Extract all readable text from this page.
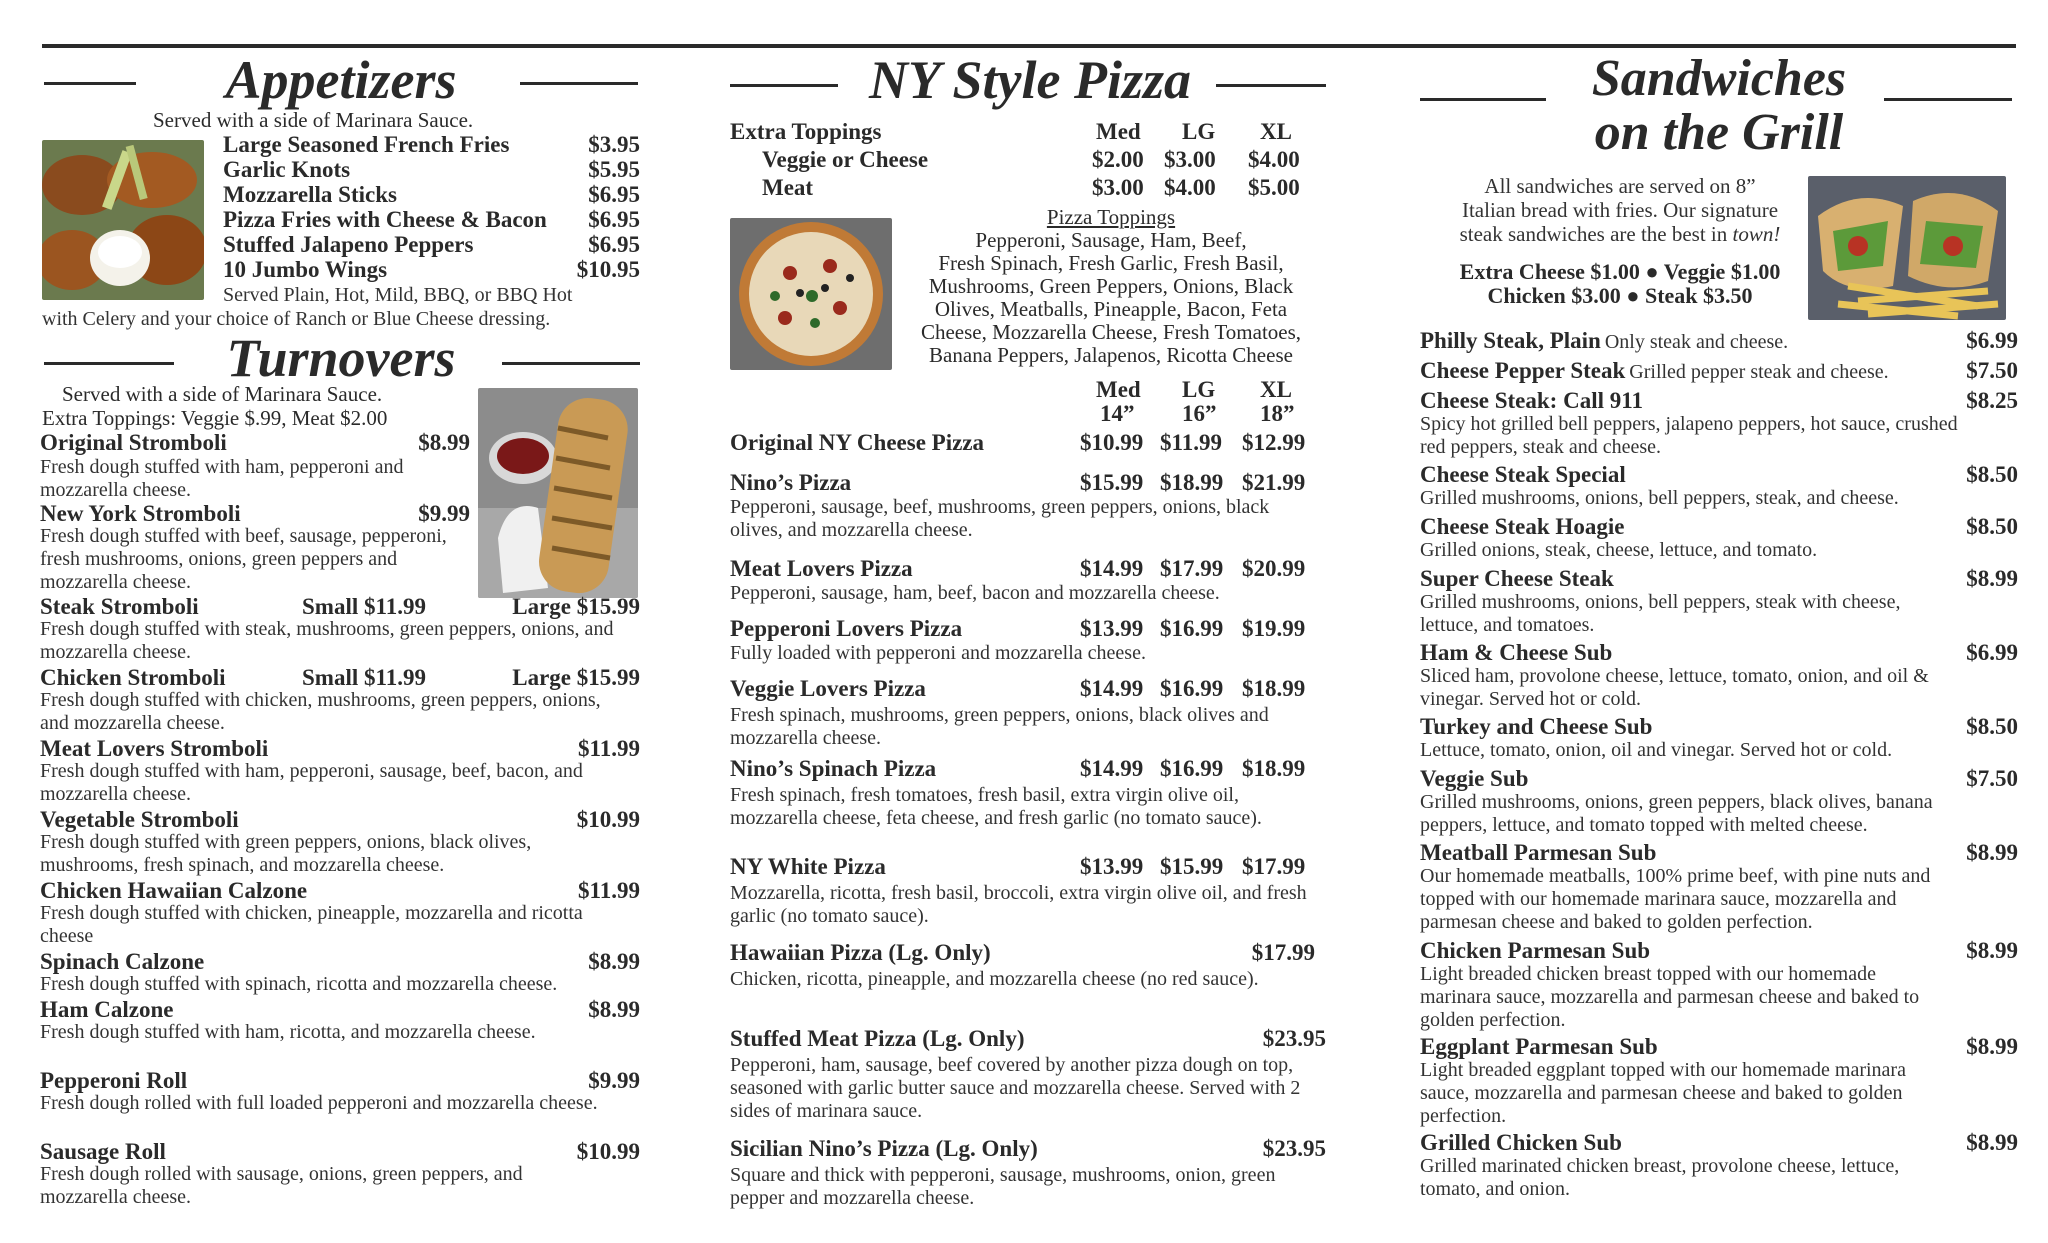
Appetizers
Served with a side of Marinara Sauce.
Large Seasoned French Fries	$3.95
Garlic Knots	$5.95
Mozzarella Sticks	$6.95
Pizza Fries with Cheese & Bacon $6.95
Stuffed Jalapeno Peppers	$6.95
10 Jumbo Wings	$10.95
Served Plain, Hot, Mild, BBQ, or BBQ Hot
with Celery and your choice of Ranch or Blue Cheese dressing.
Turnovers
Served with a side of Marinara Sauce.
Extra Toppings: Veggie $.99, Meat $2.00
Original Stromboli	$8.99
Fresh dough stuffed with ham, pepperoni and mozzarella cheese.
New York Stromboli	$9.99
Fresh dough stuffed with beef, sausage, pepperoni, fresh mushrooms, onions, green peppers and mozzarella cheese.
Steak Stromboli	Small $11.99	Large $15.99
Fresh dough stuffed with steak, mushrooms, green peppers, onions, and mozzarella cheese.
Chicken Stromboli	Small $11.99	Large $15.99
Fresh dough stuffed with chicken, mushrooms, green peppers, onions, and mozzarella cheese.
Meat Lovers Stromboli	$11.99
Fresh dough stuffed with ham, pepperoni, sausage, beef, bacon, and mozzarella cheese.
Vegetable Stromboli	$10.99
Fresh dough stuffed with green peppers, onions, black olives, mushrooms, fresh spinach, and mozzarella cheese.
Chicken Hawaiian Calzone	$11.99
Fresh dough stuffed with chicken, pineapple, mozzarella and ricotta cheese
Spinach Calzone	$8.99
Fresh dough stuffed with spinach, ricotta and mozzarella cheese.
Ham Calzone	$8.99
Fresh dough stuffed with ham, ricotta, and mozzarella cheese.
Pepperoni Roll	$9.99
Fresh dough rolled with full loaded pepperoni and mozzarella cheese.
Sausage Roll	$10.99
Fresh dough rolled with sausage, onions, green peppers, and mozzarella cheese.
NY Style Pizza
Extra Toppings	Med LG XL
Veggie or Cheese	$2.00 $3.00 $4.00
Meat	$3.00 $4.00 $5.00
Pizza Toppings
Pepperoni, Sausage, Ham, Beef,
Fresh Spinach, Fresh Garlic, Fresh Basil,
Mushrooms, Green Peppers, Onions, Black
Olives, Meatballs, Pineapple, Bacon, Feta
Cheese, Mozzarella Cheese, Fresh Tomatoes,
Banana Peppers, Jalapenos, Ricotta Cheese
Med LG XL
14” 16” 18”
Original NY Cheese Pizza	$10.99 $11.99 $12.99
Nino’s Pizza	$15.99 $18.99 $21.99
Pepperoni, sausage, beef, mushrooms, green peppers, onions, black olives, and mozzarella cheese.
Meat Lovers Pizza	$14.99 $17.99 $20.99
Pepperoni, sausage, ham, beef, bacon and mozzarella cheese.
Pepperoni Lovers Pizza	$13.99 $16.99 $19.99
Fully loaded with pepperoni and mozzarella cheese.
Veggie Lovers Pizza	$14.99 $16.99 $18.99
Fresh spinach, mushrooms, green peppers, onions, black olives and mozzarella cheese.
Nino’s Spinach Pizza	$14.99 $16.99 $18.99
Fresh spinach, fresh tomatoes, fresh basil, extra virgin olive oil, mozzarella cheese, feta cheese, and fresh garlic (no tomato sauce).
NY White Pizza	$13.99 $15.99 $17.99
Mozzarella, ricotta, fresh basil, broccoli, extra virgin olive oil, and fresh garlic (no tomato sauce).
Hawaiian Pizza (Lg. Only)	$17.99
Chicken, ricotta, pineapple, and mozzarella cheese (no red sauce).
Stuffed Meat Pizza (Lg. Only)	$23.95
Pepperoni, ham, sausage, beef covered by another pizza dough on top, seasoned with garlic butter sauce and mozzarella cheese. Served with 2 sides of marinara sauce.
Sicilian Nino’s Pizza (Lg. Only)	$23.95
Square and thick with pepperoni, sausage, mushrooms, onion, green pepper and mozzarella cheese.
Sandwiches
on the Grill
All sandwiches are served on 8”
Italian bread with fries. Our signature
steak sandwiches are the best in town!
Extra Cheese $1.00 ● Veggie $1.00
Chicken $3.00 ● Steak $3.50
Philly Steak, Plain Only steak and cheese.	$6.99
Cheese Pepper Steak Grilled pepper steak and cheese.	$7.50
Cheese Steak: Call 911	$8.25
Spicy hot grilled bell peppers, jalapeno peppers, hot sauce, crushed red peppers, steak and cheese.
Cheese Steak Special	$8.50
Grilled mushrooms, onions, bell peppers, steak, and cheese.
Cheese Steak Hoagie	$8.50
Grilled onions, steak, cheese, lettuce, and tomato.
Super Cheese Steak	$8.99
Grilled mushrooms, onions, bell peppers, steak with cheese, lettuce, and tomatoes.
Ham & Cheese Sub	$6.99
Sliced ham, provolone cheese, lettuce, tomato, onion, and oil & vinegar. Served hot or cold.
Turkey and Cheese Sub	$8.50
Lettuce, tomato, onion, oil and vinegar. Served hot or cold.
Veggie Sub	$7.50
Grilled mushrooms, onions, green peppers, black olives, banana peppers, lettuce, and tomato topped with melted cheese.
Meatball Parmesan Sub	$8.99
Our homemade meatballs, 100% prime beef, with pine nuts and topped with our homemade marinara sauce, mozzarella and parmesan cheese and baked to golden perfection.
Chicken Parmesan Sub	$8.99
Light breaded chicken breast topped with our homemade marinara sauce, mozzarella and parmesan cheese and baked to golden perfection.
Eggplant Parmesan Sub	$8.99
Light breaded eggplant topped with our homemade marinara sauce, mozzarella and parmesan cheese and baked to golden perfection.
Grilled Chicken Sub	$8.99
Grilled marinated chicken breast, provolone cheese, lettuce, tomato, and onion.
